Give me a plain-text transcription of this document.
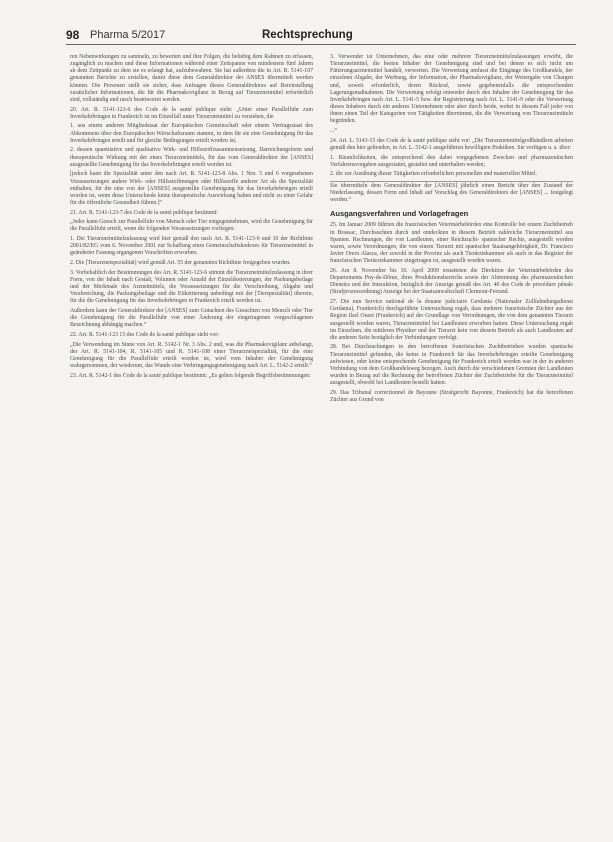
98 Pharma 5/2017	Rechtsprechung

ren Nebenwirkungen zu sammeln, zu bewerten und ihre Folgen, die beliebig dem Rahmen zu erfassen, zugänglich zu machen und diese Informationen während einer Zeitspanne von mindestens fünf Jahren ab dem Zeitpunkt zu dem sie es erlangt hat, aufzubewahren. Sie hat außerdem die in Art. R. 5141-107 genannten Berichte zu erstellen, damit diese dem Generaldirektor der ANSES übermittelt werden können. Die Personen stellt sie sicher, dass Anfragen dieses Generaldirektors auf Bereitstellung zusätzlicher Informationen, die für die Pharmakovigilanz in Bezug auf Tierarzneimittel erforderlich sind, vollständig und rasch beantwortet werden.

20. Art. R. 5141-123-6 des Code de la santé publique sieht: „Unter einer Parallelfuhr zum Inverkehrbringen in Frankreich ist im Einzelfall unter Tierarzneimittel zu verstehen, die

1. aus einem anderen Mitgliedstaat der Europäischen Gemeinschaft oder einem Vertragsstaat des Abkommens über den Europäischen Wirtschaftsraum stammt, in dem für sie eine Genehmigung für das Inverkehrbringen erteilt und für gleiche Bedingungen erteilt worden ist;

2. dessen quantitative und qualitative Wirk- und Hilfsstoffzusammensetzung, Darreichungsform und therapeutische Wirkung mit der eines Tierarzneimittels, für das vom Generaldirektor der [ANSES] ausgestellte Genehmigung für das Inverkehrbringen erteilt worden ist.

[jedoch kann die Spezialität unter den nach Art. R. 5141-123-8 Abs. 1 Nrn. 5 und 6 vorgesehenen Voraussetzungen andere Wirk- oder Hilfsstoffmengen oder Hilfsstoffe anderer Art als die Spezialität enthalten, für die eine von der [ANSES] ausgestellte Genehmigung für das Inverkehrbringen erteilt worden ist, wenn diese Unterschiede keine therapeutische Auswirkung haben und nicht zu einer Gefahr für die öffentliche Gesundheit führen.]“

21. Art. R. 5141-123-7 des Code de la santé publique bestimmt:

„Jeder kann Gesuch zur Parallelfuhr von Mensch oder Tier entgegennehmen, wird die Genehmigung für die Parallelfuhr erteilt, wenn die folgenden Voraussetzungen vorliegen:

1. Die Tierarzneimittelzulassung wird hier gemäß den nach Art. R. 5141-123-9 und 10 der Richtlinie 2001/82/EG vom 6. November 2001 zur Schaffung eines Gemeinschaftskodexes für Tierarzneimittel in geänderter Fassung ergangenen Vorschriften erworben.

2. Die [Tierarzneispezialität] wird gemäß Art. 55 der genannten Richtlinie freigegeben wurden.

3. Vorbehaltlich der Bestimmungen des Art. R. 5141-123-6 stimmt die Tierarzneimittelzulassung in ihrer Form, von der Inhalt nach Gestalt, Volumen oder Anzahl der Einzeldosierungen, der Packungsbeilage und der Merkmale des Arzneimittels, die Voraussetzungen für die Verschreibung, Abgabe und Verabreichung, die Packungsbeilage und die Etikettierung unbedingt mit der [Tierspezialität] überein, für die die Genehmigung für das Inverkehrbringen in Frankreich erteilt worden ist.

Außerdem kann der Generaldirektor der [ANSES] zum Gutachten des Gesuchten von Mensch oder Tier die Genehmigung für die Parallelfuhr von einer Änderung der eingetragenen vorgeschlagenen Bezeichnung abhängig machen.“

22. Art. R. 5141-123 15 des Code de la santé publique sieht vor:

„Die Verwendung im Sinne von Art. R. 5142-1 Nr. 3 Abs. 2 und, was die Pharmakovigilanz anbelangt, der Art. R. 5141-104, R. 5141-105 und R. 5141-108 einer Tierarzneispezialität, für die eine Genehmigung für die Parallelfuhr erteilt worden ist, wird vom Inhaber der Genehmigung wahrgenommen, der wiederum, das Wunde eine Verbringungsgenehmigung nach Art. L. 5142-2 erteilt.“

23. Art. R. 5142-1 des Code de la santé publique bestimmt: „Es gelten folgende Begriffsbestimmungen:

3. Verwender ist Unternehmen, das eine oder mehrere Tierarzneimittelzulassungen erwirbt, die Tierarzneimittel, die besten Inhaber der Genehmigung sind und bei denen es sich nicht um Fütterungsarzneimittel handelt, verwerten. Die Verwertung umfasst die Eingänge des Großhandels, der einzelnen Abgabe, der Werbung, der Information, der Pharmakovigilanz, der Weitergabe von Chargen und, soweit erforderlich, deren Rückruf, sowie gegebenenfalls die entsprechenden Lagerungsmaßnahmen. Die Verwertung erfolgt entweder durch den Inhaber der Genehmigung für das Inverkehrbringen nach Art. L. 5141-5 bzw. der Registrierung nach Art. L. 5141-9 oder die Verwertung dieses Inhabers durch ein anderes Unternehmen oder aber durch beide, wobei in diesem Fall jeder von ihnen einen Teil der Kategorien von Tätigkeiten übernimmt, die die Verwertung von Tierarzneimitteln begründen.

...“

24. Art. L. 5143-15 des Code de la santé publique sieht vor: „Die Tierarzneimittelgroßhändlern arbeiten gemäß den hier geltenden, in Art. L. 5142-1 ausgeführten bewilligten Praktiken. Sie verfügen u. a. über:

1. Räumlichkeiten, die entsprechend den dabei vorgegebenen Zwecken und pharmazeutischen Verfahrensvorgaben ausgestattet, gestaltet und unterhalten werden;

2. die zur Ausübung dieser Tätigkeiten erforderlichen personellen und materiellen Mittel.

Sie übermitteln dem Generaldirektor der [ANSES] jährlich einen Bericht über den Zustand der Niederlassung, dessen Form und Inhalt auf Vorschlag des Generaldirektors der [ANSES] ... festgelegt werden.“

Ausgangsverfahren und Vorlagefragen

25. Im Januar 2009 führten die französischen Veterinärbehörden eine Kontrolle bei einem Zuchtbetrieb in Brassac, Durchsuchten durch und entdeckten in diesem Betrieb zahlreiche Tierarzneimittel aus Spanien. Rechnungen, die von Landleuten, einer Reichzucht- spanischer Rechts, ausgestellt worden waren, sowie Verordnungen, die von einem Tierarzt mit spanischer Staatsangehörigkeit, Dr. Francisco Javier Orero Alasca, der sowohl in der Provinz als auch Tierärztekammer als auch in das Register der französischen Tierärztekammer eingetragen ist, ausgestellt worden waren.

26. Am 8. November bis 10. April 2009 erstatteten die Direktion der Veterinärbehörden des Departements Puy-de-Dôme, ihres Produktionsbereichs sowie der Abtrennung des pharmazeutischen Dienstes und der Interaktion, bezüglich der Anzeige gemäß des Art. 40 des Code de procédure pénale (Strafprozessordnung) Anzeige bei der Staatsanwaltschaft Clermont-Ferrand.

27. Die nun Service national de la douane judiciaire Gerdania (Nationaler Zollfahndungsdienst Gerdania), Frankreich) durchgeführte Untersuchung ergab, dass mehrere französische Züchter aus der Region Ilsel Ouest (Frankreich) auf der Grundlage von Verordnungen, die von dem genannten Tierarzt ausgestellt worden waren, Tierarzneimittel bei Landleuten erworben hatten. Diese Untersuchung ergab im Einzelnen, die mittleren Physiker und der Tierarzt kein von diesem Betrieb als auch Landleuten auf die anderen Seite bezüglich der Verbindungen verfolgt.

28. Bei Durchsuchungen in den betroffenen französischen Zuchtbetrieben wurden spanische Tierarzneimittel gefunden, die keine in Frankreich für das Inverkehrbringen erteilte Genehmigung aufwiesen, oder keine entsprechende Genehmigung für Frankreich erteilt worden war in der in anderen Verbindung von dem Großhandelsweg bezogen. Auch durch die verschiedenen Gremien der Landleuten wurden in Bezug auf die Rechnung der betroffenen Züchter der Zuchtbetriebe für die Tierarzneimittel ausgestellt, obwohl bei Landleuten bestellt hatten.

29. Das Tribunal correctionnel de Bayonne (Strafgericht Bayonne, Frankreich) hat die betroffenen Züchter aus Grund von
